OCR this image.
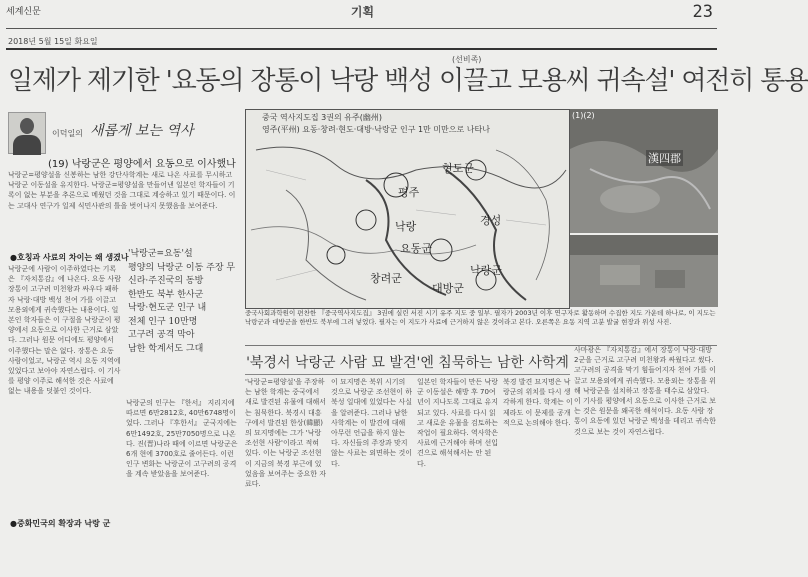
세계신문	기획	23
2018년 5월 15일 화요일
(선비족)
일제가 제기한 '요동의 장통이 낙랑 백성 이끌고 모용씨 귀속설' 여전히 통용
이덕일의 새롭게 보는 역사
(19) 낙랑군은 평양에서 요동으로 이사했나
낙랑군=평양설을 신봉하는 남한 강단사학계는 새로 나온 사료를 무시하고 낙랑군 이동설을 유지한다. 낙랑군=평양설을 만들어낸 일본인 학자들이 기록이 없는 부분을 추론으로 메웠던 것을 그대로 계승하고 있기 때문이다. 이는 고대사 연구가 일제 식민사관의 틀을 벗어나지 못했음을 보여준다.
●호칭과 사료의 차이는 왜 생겼나
낙랑군에 사람이 이주하였다는 기록은 『자치통감』에 나온다. 요동 사람 장통이 고구려 미천왕과 싸우다 패하자 낙랑·대방 백성 천여 가를 이끌고 모용외에게 귀속했다는 내용이다. 일본인 학자들은 이 구절을 낙랑군이 평양에서 요동으로 이사한 근거로 삼았다. 그러나 원문 어디에도 평양에서 이주했다는 말은 없다. 장통은 요동 사람이었고, 낙랑군 역시 요동 지역에 있었다고 보아야 자연스럽다. 이 기사를 평양 이주로 해석한 것은 사료에 없는 내용을 덧붙인 것이다.
●중화민국의 확장과 낙랑 군
'낙랑군=요동'설
평양의 낙랑군 이동 주장 무
신라·주진국의 동방
한반도 북부 한사군
낙랑·현도군 인구 내
전체 인구 10만명
고구려 공격 막아
남한 학계서도 그대
낙랑군의 인구는 『한서』 지리지에 따르면 6만2812호, 40만6748명이었다. 그러나 『후한서』 군국지에는 6만1492호, 25만7050명으로 나온다. 진(晋)나라 때에 이르면 낙랑군은 6개 현에 3700호로 줄어든다. 이런 인구 변화는 낙랑군이 고구려의 공격을 계속 받았음을 보여준다.
중국 역사지도집 3권의 유주(幽州)
영주(平州) 요동·창려·현도·대방·낙랑군 인구 1만 미만으로 나타나
평주
현도군
요동군
창려군
대방군
낙랑군
낙랑	경성
(1)(2)
漢四郡
중국사회과학원이 편찬한 『중국역사지도집』 3권에 실린 서진 시기 유주 지도 중 일부. 필자가 2003년 이후 연구자로 활동하며 수집한 지도 가운데 하나로, 이 지도는 낙랑군과 대방군을 한반도 북부에 그려 넣었다. 필자는 이 지도가 사료에 근거하지 않은 것이라고 본다. 오른쪽은 요동 지역 고분 발굴 현장과 위성 사진.
'북경서 낙랑군 사람 묘 발견'엔 침묵하는 남한 사학계
'낙랑군=평양설'을 주장하는 남한 학계는 중국에서 새로 발견된 유물에 대해서는 침묵한다. 북경시 대흥구에서 발견된 한상(韓顯)의 묘지명에는 그가 '낙랑 조선현 사람'이라고 적혀 있다. 이는 낙랑군 조선현이 지금의 북경 부근에 있었음을 보여주는 중요한 자료다.
이 묘지명은 북위 시기의 것으로 낙랑군 조선현이 하북성 일대에 있었다는 사실을 알려준다. 그러나 남한 사학계는 이 발견에 대해 아무런 언급을 하지 않는다. 자신들의 주장과 맞지 않는 사료는 외면하는 것이다.
일본인 학자들이 만든 낙랑군 이동설은 해방 후 70여년이 지나도록 그대로 유지되고 있다. 사료를 다시 읽고 새로운 유물을 검토하는 작업이 필요하다. 역사학은 사료에 근거해야 하며 선입견으로 해석해서는 안 된다.
북경 발견 묘지명은 낙랑군의 위치를 다시 생각하게 한다. 학계는 이제라도 이 문제를 공개적으로 논의해야 한다.
사마광은 『자치통감』에서 장통이 낙랑·대방 2군을 근거로 고구려 미천왕과 싸웠다고 썼다. 고구려의 공격을 막기 힘들어지자 천여 가를 이끌고 모용외에게 귀속했다. 모용외는 장통을 위해 낙랑군을 설치하고 장통을 태수로 삼았다. 이 기사를 평양에서 요동으로 이사한 근거로 보는 것은 원문을 왜곡한 해석이다. 요동 사람 장통이 요동에 있던 낙랑군 백성을 데리고 귀속한 것으로 보는 것이 자연스럽다.
